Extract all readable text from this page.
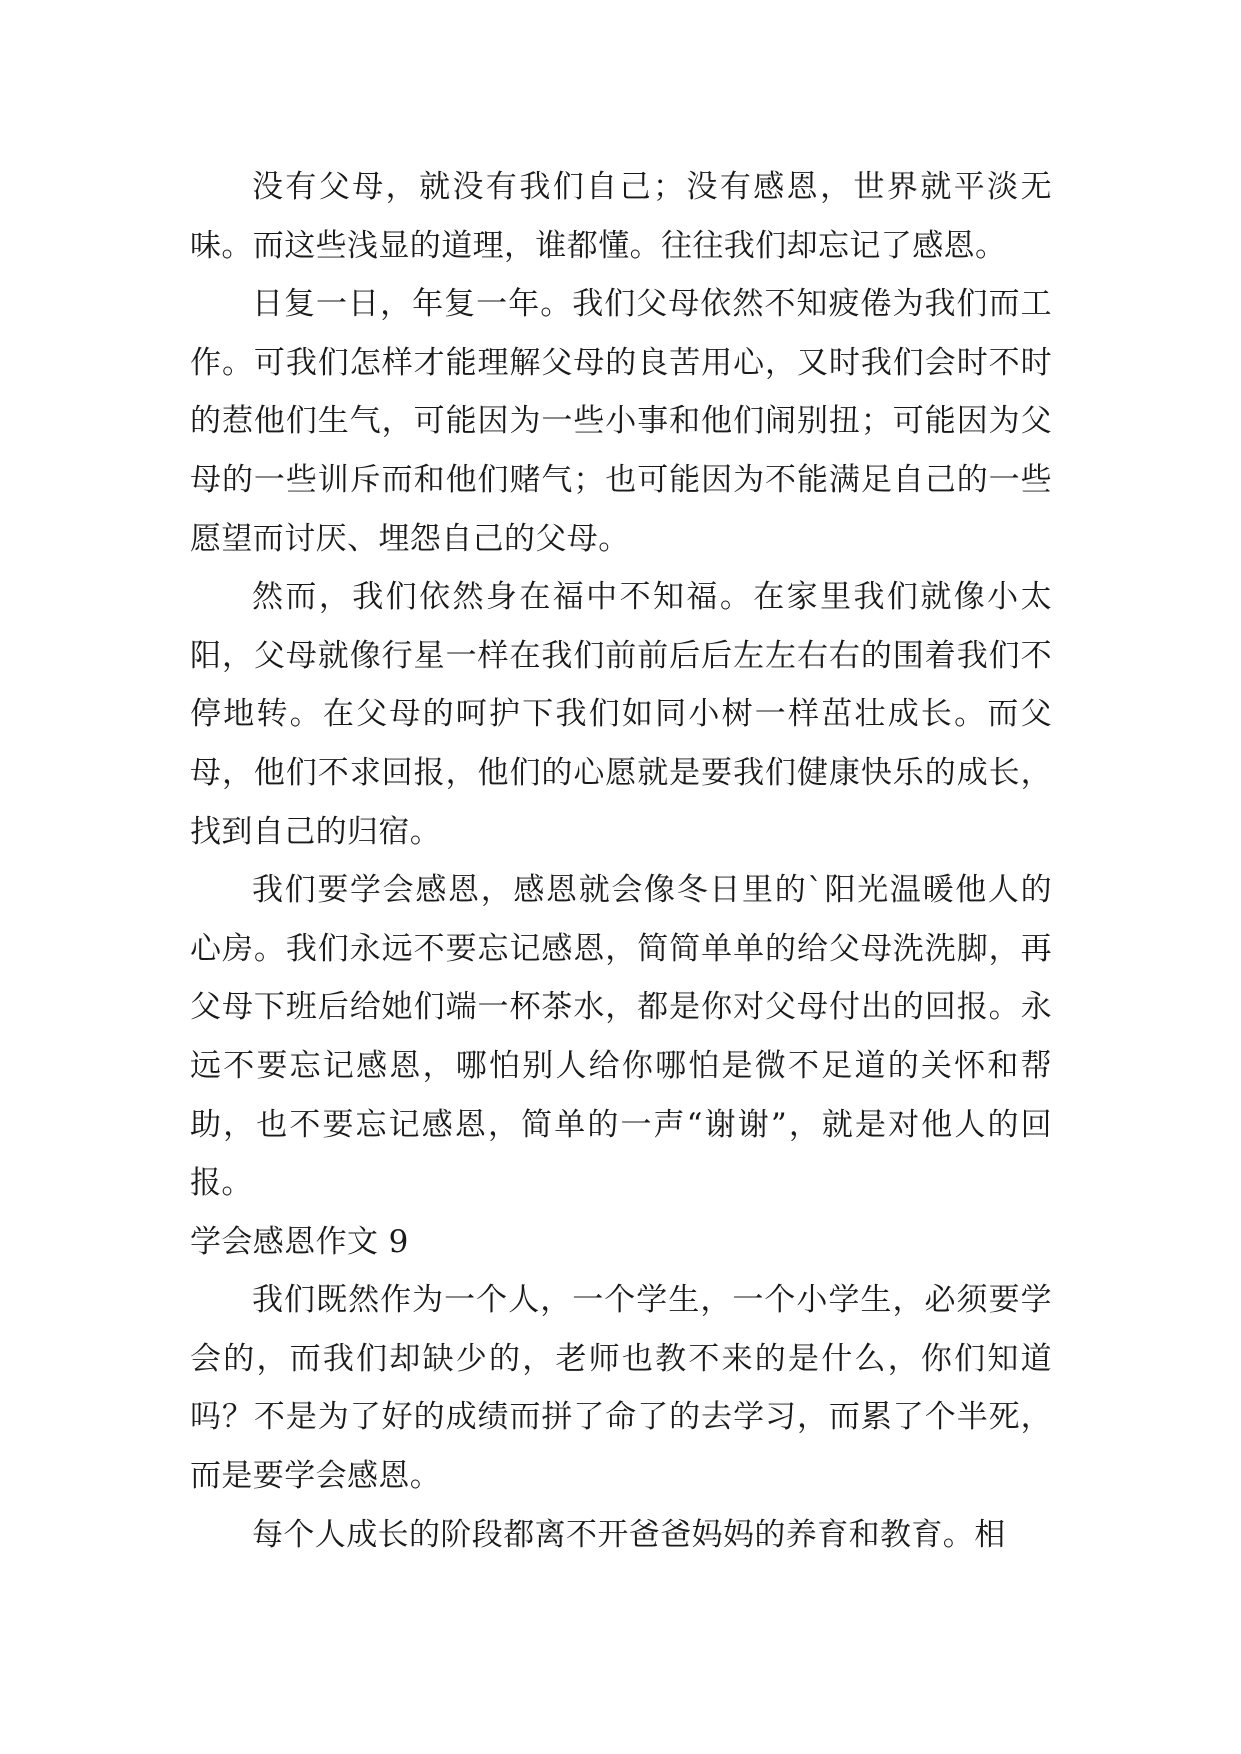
没有父母，就没有我们自己；没有感恩，世界就平淡无味。而这些浅显的道理，谁都懂。往往我们却忘记了感恩。

日复一日，年复一年。我们父母依然不知疲倦为我们而工作。可我们怎样才能理解父母的良苦用心，又时我们会时不时的惹他们生气，可能因为一些小事和他们闹别扭；可能因为父母的一些训斥而和他们赌气；也可能因为不能满足自己的一些愿望而讨厌、埋怨自己的父母。

然而，我们依然身在福中不知福。在家里我们就像小太阳，父母就像行星一样在我们前前后后左左右右的围着我们不停地转。在父母的呵护下我们如同小树一样茁壮成长。而父母，他们不求回报，他们的心愿就是要我们健康快乐的成长，找到自己的归宿。

我们要学会感恩，感恩就会像冬日里的`阳光温暖他人的心房。我们永远不要忘记感恩，简简单单的给父母洗洗脚，再父母下班后给她们端一杯茶水，都是你对父母付出的回报。永远不要忘记感恩，哪怕别人给你哪怕是微不足道的关怀和帮助，也不要忘记感恩，简单的一声“谢谢”，就是对他人的回报。

学会感恩作文 9

我们既然作为一个人，一个学生，一个小学生，必须要学会的，而我们却缺少的，老师也教不来的是什么，你们知道吗？不是为了好的成绩而拼了命了的去学习，而累了个半死，而是要学会感恩。

每个人成长的阶段都离不开爸爸妈妈的养育和教育。相
